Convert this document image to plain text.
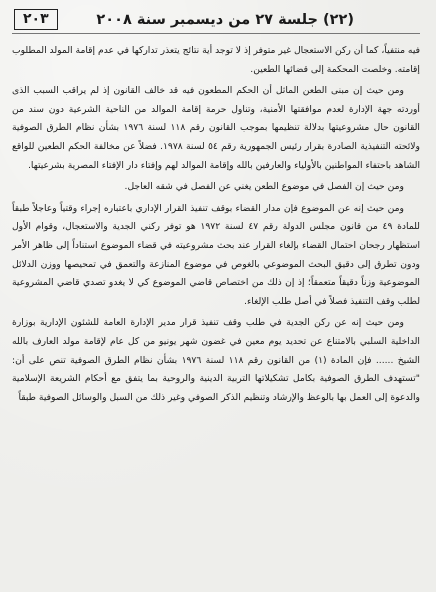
٢٠٣	(٢٢) جلسة ٢٧ من ديسمبر سنة ٢٠٠٨

فيه منتفياً، كما أن ركن الاستعجال غير متوفر إذ لا توجد أية نتائج يتعذر تداركها في عدم إقامة المولد المطلوب إقامته. وخلصت المحكمة إلى قضائها الطعين.

ومن حيث إن مبنى الطعن الماثل أن الحكم المطعون فيه قد خالف القانون إذ لم يراقب السبب الذى أوردته جهة الإدارة لعدم موافقتها الأمنية، وتناول حرمة إقامة الموالد من الناحية الشرعية دون سند من القانون حال مشروعيتها بدلالة تنظيمها بموجب القانون رقم ١١٨ لسنة ١٩٧٦ بشأن نظام الطرق الصوفية ولائحته التنفيذية الصادرة بقرار رئيس الجمهورية رقم ٥٤ لسنة ١٩٧٨. فضلاً عن مخالفة الحكم الطعين للواقع الشاهد باحتفاء المواطنين بالأولياء والعارفين بالله وإقامة الموالد لهم وإفتاء دار الإفتاء المصرية بشرعيتها.

ومن حيث إن الفصل في موضوع الطعن يغني عن الفصل في شقه العاجل.

ومن حيث إنه عن الموضوع فإن مدار القضاء بوقف تنفيذ القرار الإداري باعتباره إجراء وقتياً وعاجلاً طبقاً للمادة ٤٩ من قانون مجلس الدولة رقم ٤٧ لسنة ١٩٧٢ هو توفر ركني الجدية والاستعجال، وقوام الأول استظهار رجحان احتمال القضاء بإلغاء القرار عند بحث مشروعيته في قضاء الموضوع استناداً إلى ظاهر الأمر ودون تطرق إلى دقيق البحث الموضوعي بالغوص في موضوع المنازعة والتعمق في تمحيصها ووزن الدلائل الموضوعية وزناً دقيقاً متعمقاً؛ إذ إن ذلك من اختصاص قاضي الموضوع كي لا يغدو تصدي قاضي المشروعية لطلب وقف التنفيذ فصلاً في أصل طلب الإلغاء.

ومن حيث إنه عن ركن الجدية في طلب وقف تنفيذ قرار مدير الإدارة العامة للشئون الإدارية بوزارة الداخلية السلبي بالامتناع عن تحديد يوم معين في غضون شهر يونيو من كل عام لإقامة مولد العارف بالله الشيخ ...... فإن المادة (١) من القانون رقم ١١٨ لسنة ١٩٧٦ بشأن نظام الطرق الصوفية تنص على أن: "تستهدف الطرق الصوفية بكامل تشكيلاتها التربية الدينية والروحية بما يتفق مع أحكام الشريعة الإسلامية والدعوة إلى العمل بها بالوعظ والإرشاد وتنظيم الذكر الصوفي وغير ذلك من السبل والوسائل الصوفية طبقاً
